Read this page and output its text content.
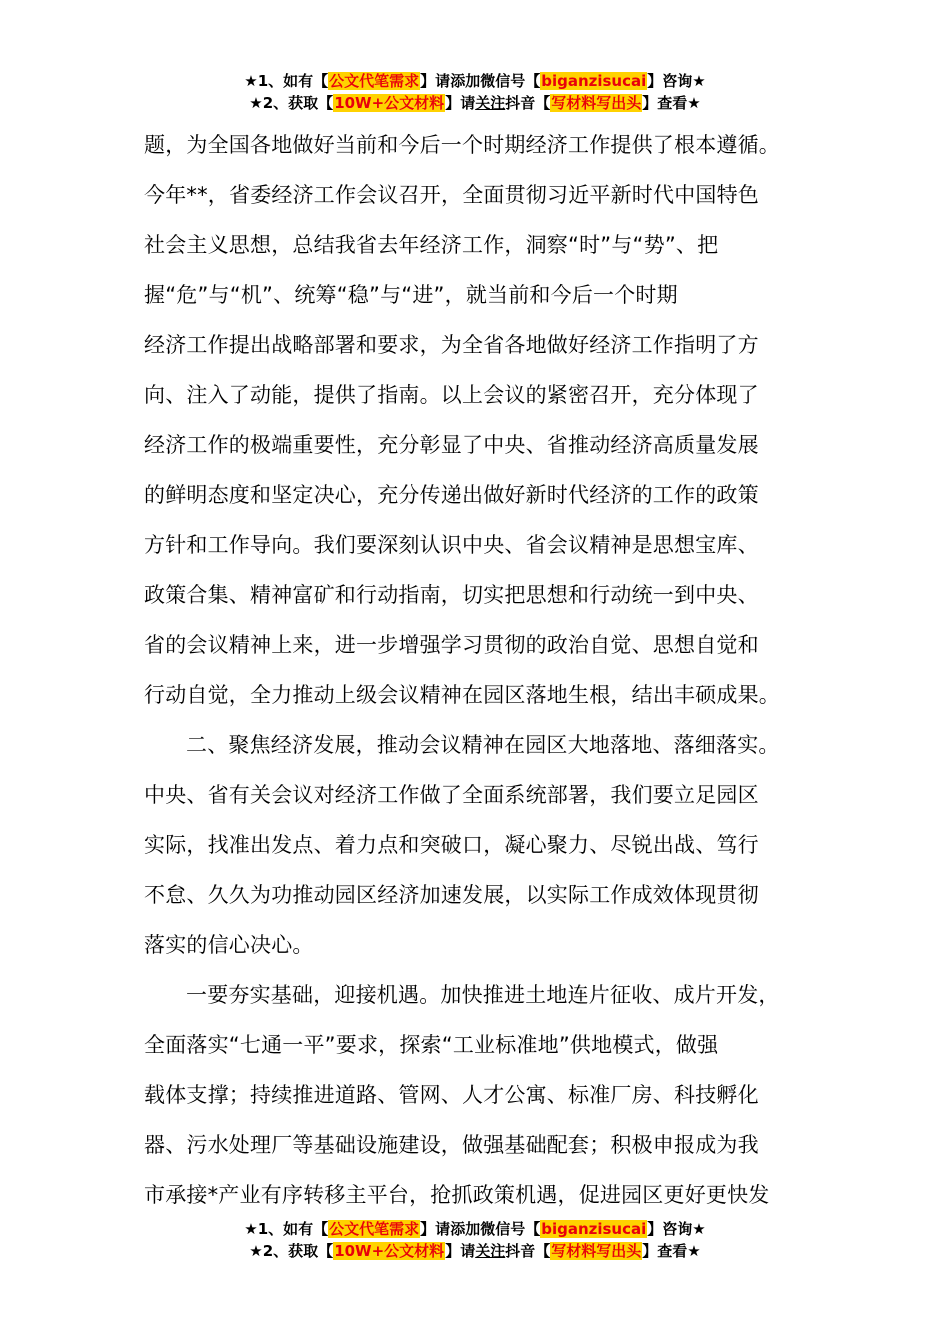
★1、如有【公文代笔需求】请添加微信号【biganzisucai】咨询★
★2、获取【10W+公文材料】请关注抖音【写材料写出头】查看★
题，为全国各地做好当前和今后一个时期经济工作提供了根本遵循。
今年**，省委经济工作会议召开，全面贯彻习近平新时代中国特色
社会主义思想，总结我省去年经济工作，洞察“时”与“势”、把
握“危”与“机”、统筹“稳”与“进”，就当前和今后一个时期
经济工作提出战略部署和要求，为全省各地做好经济工作指明了方
向、注入了动能，提供了指南。以上会议的紧密召开，充分体现了
经济工作的极端重要性，充分彰显了中央、省推动经济高质量发展
的鲜明态度和坚定决心，充分传递出做好新时代经济的工作的政策
方针和工作导向。我们要深刻认识中央、省会议精神是思想宝库、
政策合集、精神富矿和行动指南，切实把思想和行动统一到中央、
省的会议精神上来，进一步增强学习贯彻的政治自觉、思想自觉和
行动自觉，全力推动上级会议精神在园区落地生根，结出丰硕成果。
二、聚焦经济发展，推动会议精神在园区大地落地、落细落实。
中央、省有关会议对经济工作做了全面系统部署，我们要立足园区
实际，找准出发点、着力点和突破口，凝心聚力、尽锐出战、笃行
不怠、久久为功推动园区经济加速发展，以实际工作成效体现贯彻
落实的信心决心。
一要夯实基础，迎接机遇。加快推进土地连片征收、成片开发，
全面落实“七通一平”要求，探索“工业标准地”供地模式，做强
载体支撑；持续推进道路、管网、人才公寓、标准厂房、科技孵化
器、污水处理厂等基础设施建设，做强基础配套；积极申报成为我
市承接*产业有序转移主平台，抢抓政策机遇，促进园区更好更快发
★1、如有【公文代笔需求】请添加微信号【biganzisucai】咨询★
★2、获取【10W+公文材料】请关注抖音【写材料写出头】查看★
